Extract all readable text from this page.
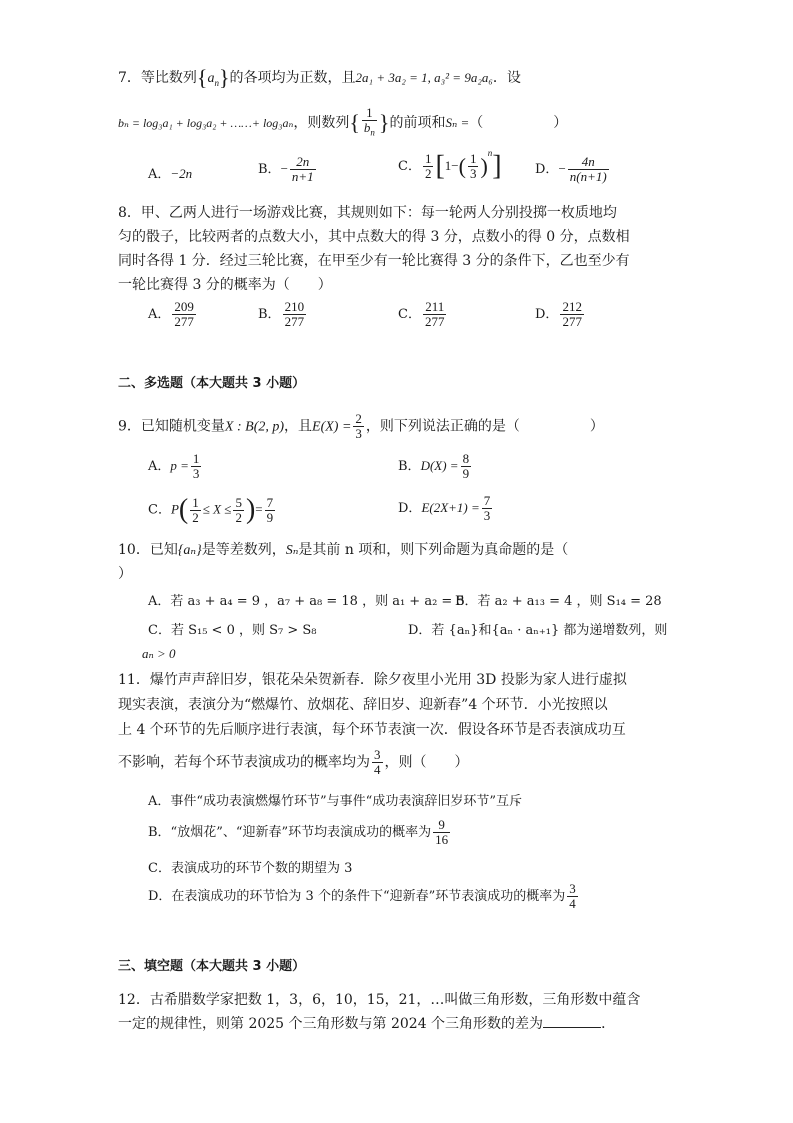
7．等比数列$\{a_n\}$的各项均为正数，且2a₁ + 3a₂ = 1, a₃² = 9a₂a₆．设
bₙ = log₃a₁ + log₃a₂ + ……+ log₃aₙ，则数列{ $\frac{1}{b_n}$ }的前项和Sₙ =（　　　　　）
A．−2n	B．− $\frac{2n}{n+1}$	C． $\frac{1}{2} [1-( \frac{1}{3} )^n]$	D．− $\frac{4n}{n(n+1)}$
8．甲、乙两人进行一场游戏比赛，其规则如下：每一轮两人分别投掷一枚质地均
匀的骰子，比较两者的点数大小，其中点数大的得 3 分，点数小的得 0 分，点数相
同时各得 1 分．经过三轮比赛，在甲至少有一轮比赛得 3 分的条件下，乙也至少有
一轮比赛得 3 分的概率为（　　）
A． $\frac{209}{277}$	B． $\frac{210}{277}$	C． $\frac{211}{277}$	D． $\frac{212}{277}$
二、多选题（本大题共 3 小题）
9．已知随机变量X : B(2, p)，且$E(X) = \frac{2}{3}$ ，则下列说法正确的是（　　　　　）
A．$p = \frac{1}{3}$	B．$D(X) = \frac{8}{9}$
C．$P( \frac{1}{2} \le X \le \frac{5}{2}$ )= $\frac{7}{9}$	D．$E(2X+1) = \frac{7}{3}$
10．已知{aₙ}是等差数列，Sₙ是其前 n 项和，则下列命题为真命题的是（
）
A．若 a₃ + a₄ = 9 ，a₇ + a₈ = 18 ，则 a₁ + a₂ = 5
B．若 a₂ + a₁₃ = 4 ，则 S₁₄ = 28
C．若 S₁₅ < 0 ，则 S₇ > S₈	D．若 {aₙ}和{aₙ · aₙ₊₁} 都为递增数列，则
aₙ > 0
11．爆竹声声辞旧岁，银花朵朵贺新春．除夕夜里小光用 3D 投影为家人进行虚拟
现实表演，表演分为“燃爆竹、放烟花、辞旧岁、迎新春”4 个环节．小光按照以
上 4 个环节的先后顺序进行表演，每个环节表演一次．假设各环节是否表演成功互
不影响，若每个环节表演成功的概率均为 $\frac{3}{4}$ ，则（　　）
A．事件“成功表演燃爆竹环节”与事件“成功表演辞旧岁环节”互斥
B．“放烟花”、“迎新春”环节均表演成功的概率为 $\frac{9}{16}$
C．表演成功的环节个数的期望为 3
D．在表演成功的环节恰为 3 个的条件下“迎新春”环节表演成功的概率为 $\frac{3}{4}$
三、填空题（本大题共 3 小题）
12．古希腊数学家把数 1，3，6，10，15，21，…叫做三角形数，三角形数中蕴含
一定的规律性，则第 2025 个三角形数与第 2024 个三角形数的差为	．
